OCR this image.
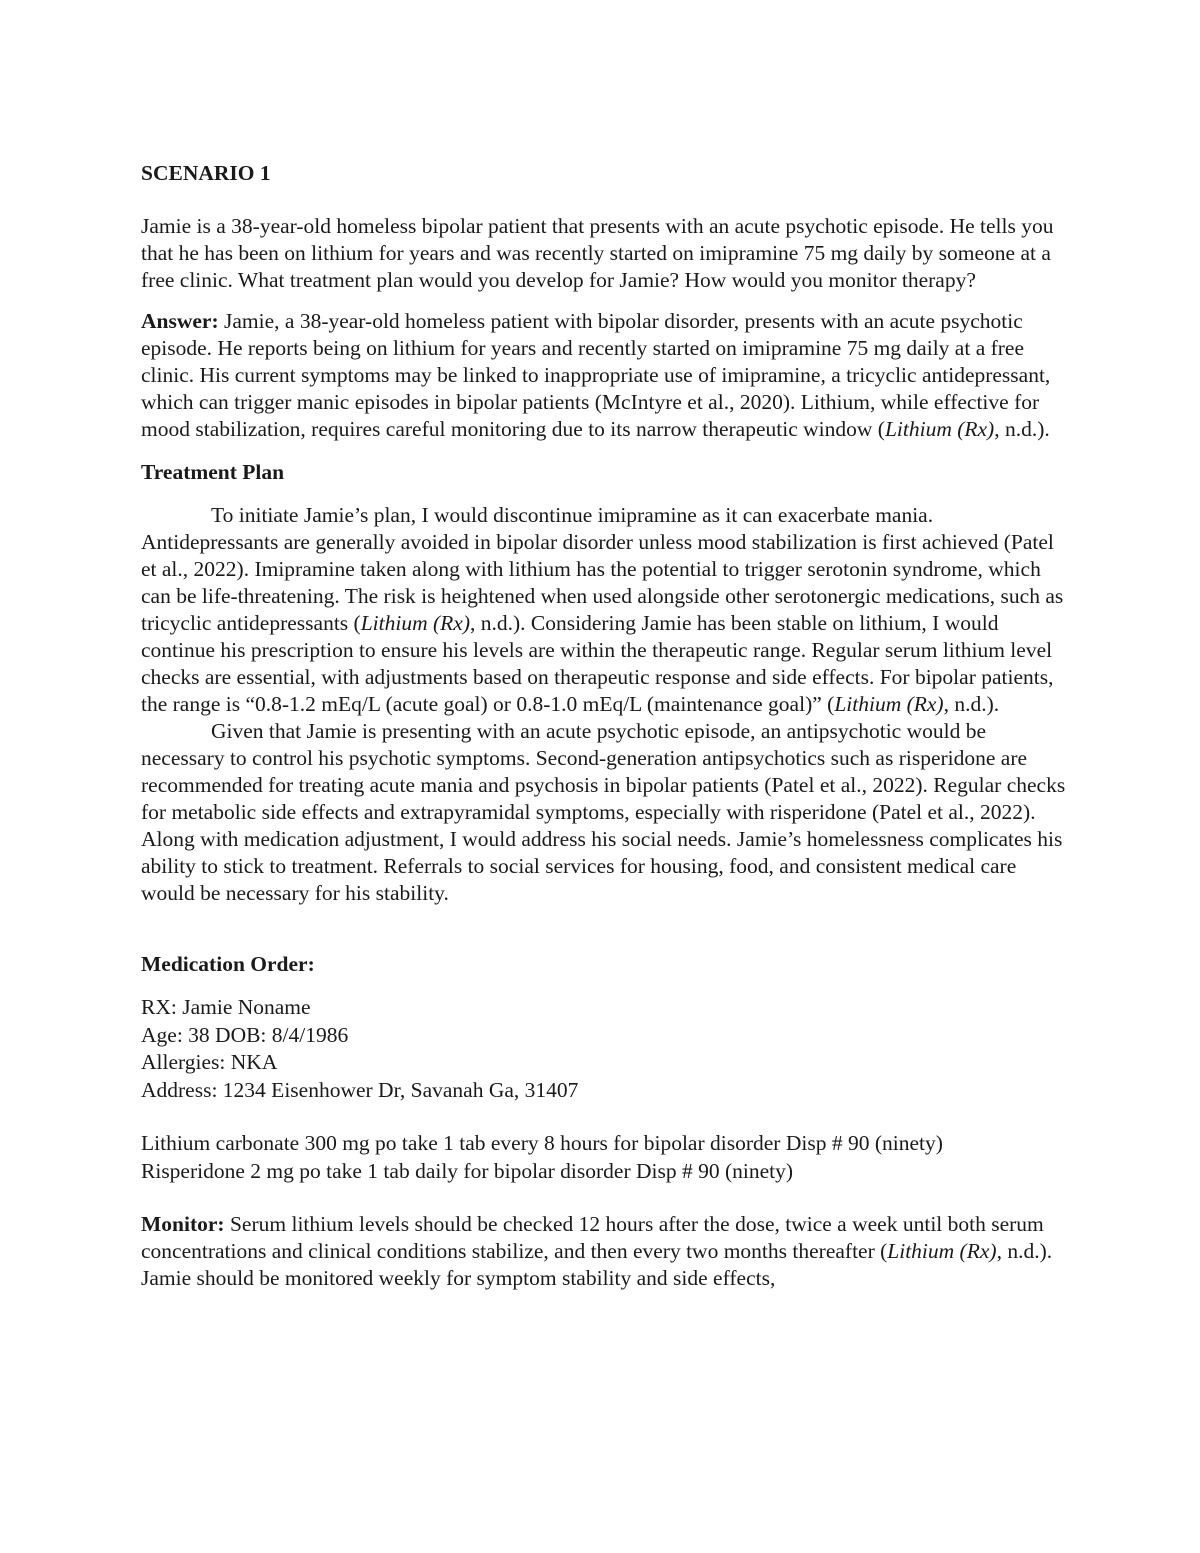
SCENARIO 1

Jamie is a 38-year-old homeless bipolar patient that presents with an acute psychotic episode. He tells you that he has been on lithium for years and was recently started on imipramine 75 mg daily by someone at a free clinic. What treatment plan would you develop for Jamie? How would you monitor therapy?

Answer: Jamie, a 38-year-old homeless patient with bipolar disorder, presents with an acute psychotic episode. He reports being on lithium for years and recently started on imipramine 75 mg daily at a free clinic. His current symptoms may be linked to inappropriate use of imipramine, a tricyclic antidepressant, which can trigger manic episodes in bipolar patients (McIntyre et al., 2020). Lithium, while effective for mood stabilization, requires careful monitoring due to its narrow therapeutic window (Lithium (Rx), n.d.).

Treatment Plan

To initiate Jamie’s plan, I would discontinue imipramine as it can exacerbate mania. Antidepressants are generally avoided in bipolar disorder unless mood stabilization is first achieved (Patel et al., 2022). Imipramine taken along with lithium has the potential to trigger serotonin syndrome, which can be life-threatening. The risk is heightened when used alongside other serotonergic medications, such as tricyclic antidepressants (Lithium (Rx), n.d.). Considering Jamie has been stable on lithium, I would continue his prescription to ensure his levels are within the therapeutic range. Regular serum lithium level checks are essential, with adjustments based on therapeutic response and side effects. For bipolar patients, the range is “0.8-1.2 mEq/L (acute goal) or 0.8-1.0 mEq/L (maintenance goal)” (Lithium (Rx), n.d.).

Given that Jamie is presenting with an acute psychotic episode, an antipsychotic would be necessary to control his psychotic symptoms. Second-generation antipsychotics such as risperidone are recommended for treating acute mania and psychosis in bipolar patients (Patel et al., 2022). Regular checks for metabolic side effects and extrapyramidal symptoms, especially with risperidone (Patel et al., 2022). Along with medication adjustment, I would address his social needs. Jamie’s homelessness complicates his ability to stick to treatment. Referrals to social services for housing, food, and consistent medical care would be necessary for his stability.

Medication Order:

RX: Jamie Noname

Age: 38 DOB: 8/4/1986

Allergies: NKA

Address: 1234 Eisenhower Dr, Savanah Ga, 31407

Lithium carbonate 300 mg po take 1 tab every 8 hours for bipolar disorder Disp # 90 (ninety)

Risperidone 2 mg po take 1 tab daily for bipolar disorder Disp # 90 (ninety)

Monitor: Serum lithium levels should be checked 12 hours after the dose, twice a week until both serum concentrations and clinical conditions stabilize, and then every two months thereafter (Lithium (Rx), n.d.). Jamie should be monitored weekly for symptom stability and side effects,
